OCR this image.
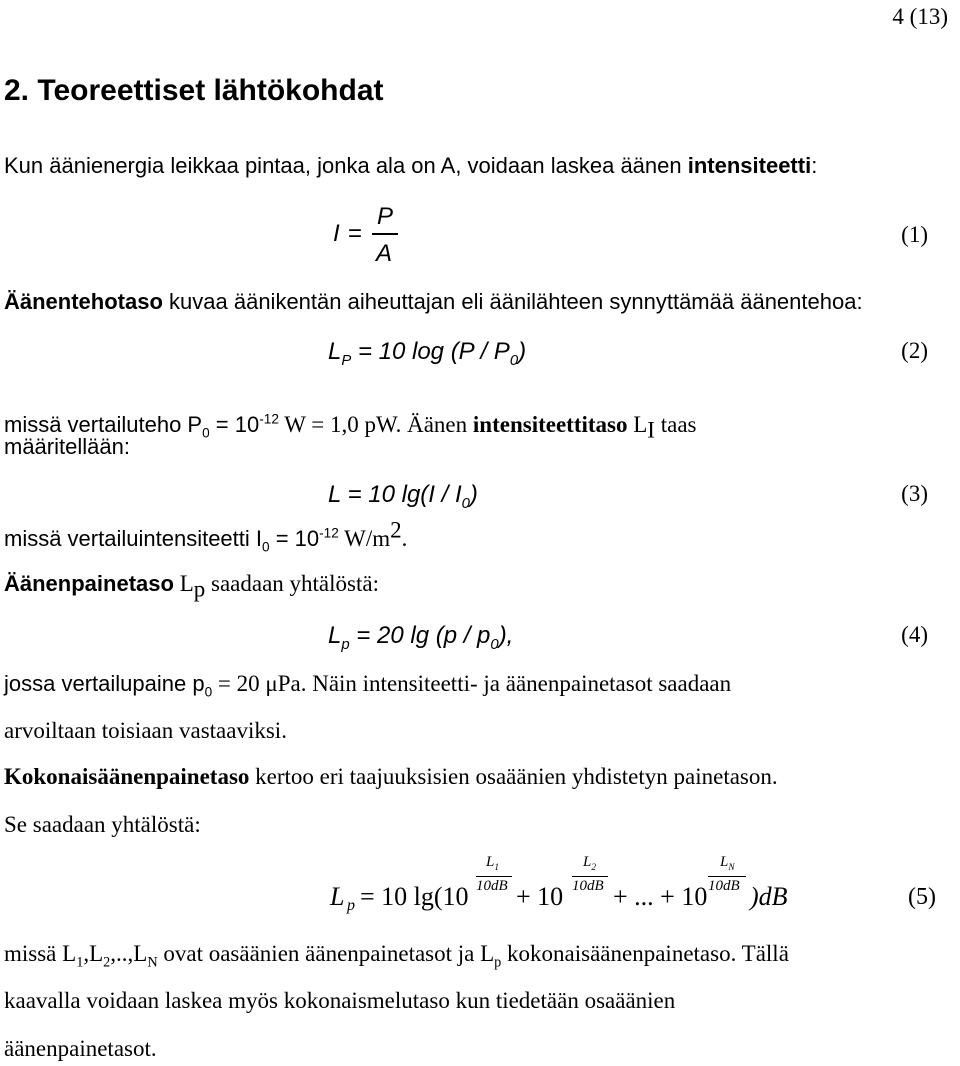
4 (13)
2. Teoreettiset lähtökohdat
Kun äänienergia leikkaa pintaa, jonka ala on A, voidaan laskea äänen intensiteetti:
I =
P
A
(1)
Äänentehotaso kuvaa äänikentän aiheuttajan eli äänilähteen synnyttämää äänentehoa:
$L_P = 10$ $\log (P / P_0)$	(2)
missä vertailuteho $P_0 = 10^{-12}$ W = 1,0 pW. Äänen intensiteettitaso $L_I$ taas
määritellään:
L = 10 $\lg(I / I_0)$	(3)
missä vertailuintensiteetti $I_0 = 10^{-12}$ $W/m^2$.
Äänenpainetaso $L_p$ saadaan yhtälöstä:
$L_p = 20$ $\lg (p / p_0)$,	(4)
jossa vertailupaine $p_0 = 20$ μPa. Näin intensiteetti- ja äänenpainetasot saadaan
arvoiltaan toisiaan vastaaviksi.
Kokonaisäänenpainetaso kertoo eri taajuuksisien osaäänien yhdistetyn painetason.
Se saadaan yhtälöstä:
L p = 10 lg(10
$L_1$
10dB + 10
$L_2$
10dB + ... + 10
$L_N$
10dB )dB	(5)
missä $L_1,L_2,..,L_N$ ovat oasäänien äänenpainetasot ja $L_p$ kokonaisäänenpainetaso. Tällä
kaavalla voidaan laskea myös kokonaismelutaso kun tiedetään osaäänien
äänenpainetasot.
